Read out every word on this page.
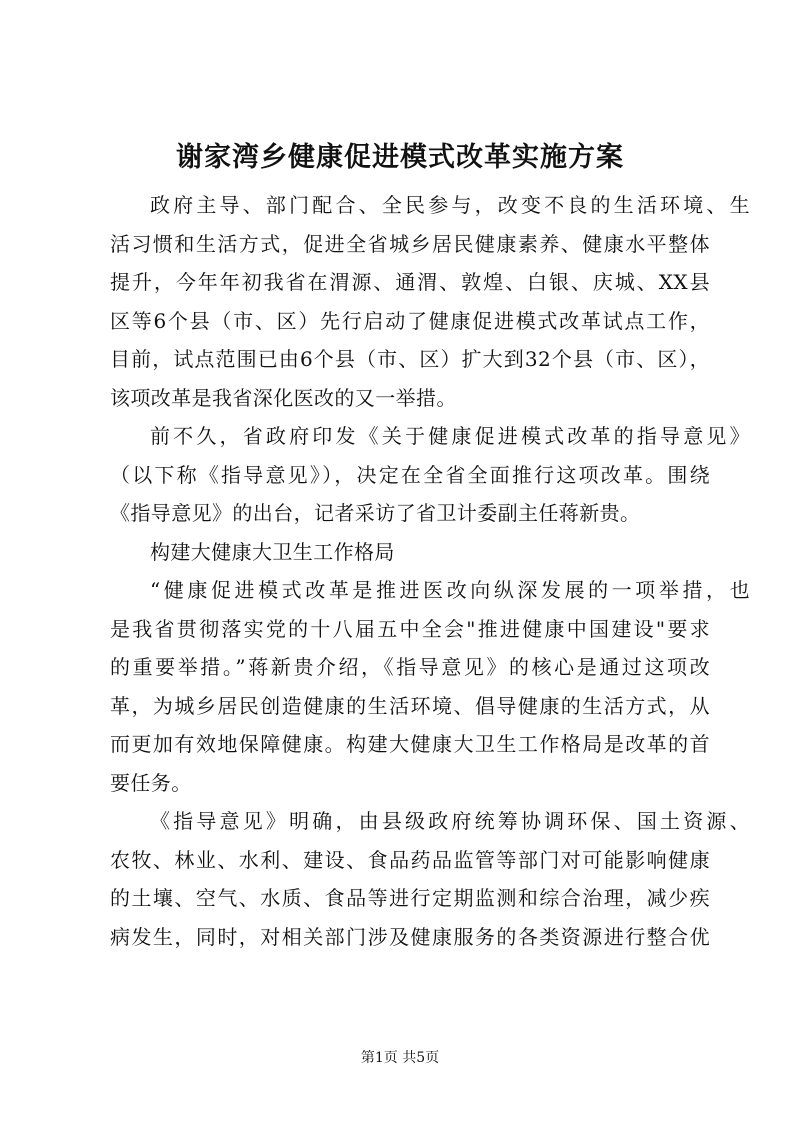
谢家湾乡健康促进模式改革实施方案
政府主导、部门配合、全民参与，改变不良的生活环境、生
活习惯和生活方式，促进全省城乡居民健康素养、健康水平整体
提升，今年年初我省在渭源、通渭、敦煌、白银、庆城、XX县
区等6个县（市、区）先行启动了健康促进模式改革试点工作，
目前，试点范围已由6个县（市、区）扩大到32个县（市、区），
该项改革是我省深化医改的又一举措。
前不久，省政府印发《关于健康促进模式改革的指导意见》
（以下称《指导意见》），决定在全省全面推行这项改革。围绕
《指导意见》的出台，记者采访了省卫计委副主任蒋新贵。
构建大健康大卫生工作格局
“健康促进模式改革是推进医改向纵深发展的一项举措，也
是我省贯彻落实党的十八届五中全会"推进健康中国建设"要求
的重要举措。”蒋新贵介绍，《指导意见》的核心是通过这项改
革，为城乡居民创造健康的生活环境、倡导健康的生活方式，从
而更加有效地保障健康。构建大健康大卫生工作格局是改革的首
要任务。
《指导意见》明确，由县级政府统筹协调环保、国土资源、
农牧、林业、水利、建设、食品药品监管等部门对可能影响健康
的土壤、空气、水质、食品等进行定期监测和综合治理，减少疾
病发生，同时，对相关部门涉及健康服务的各类资源进行整合优
第1页 共5页
